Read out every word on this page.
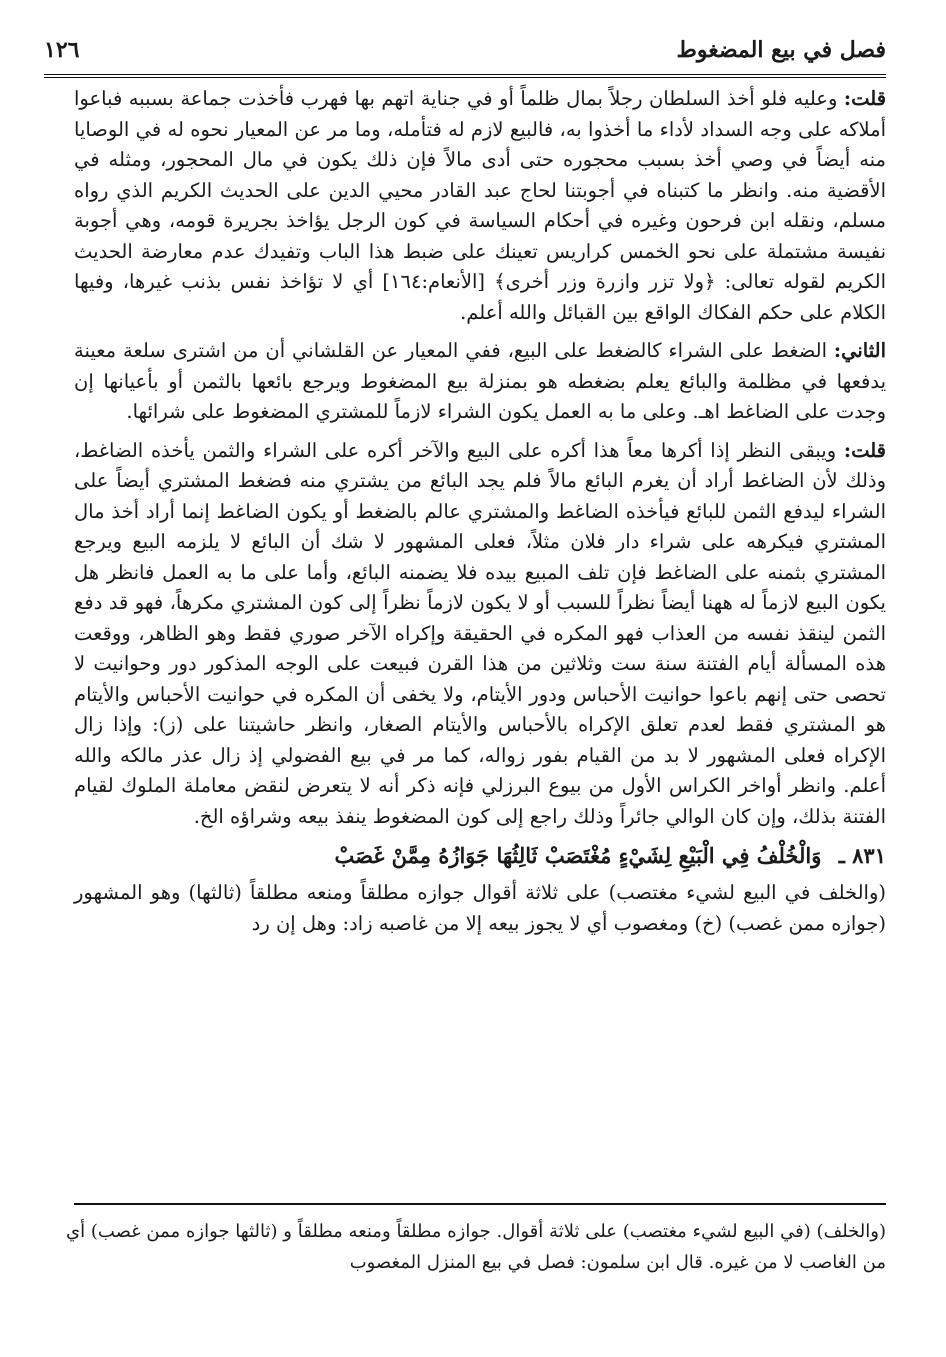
فصل في بيع المضغوط
١٢٦

قلت: وعليه فلو أخذ السلطان رجلاً بمال ظلماً أو في جناية اتهم بها فهرب فأخذت جماعة بسببه فباعوا أملاكه على وجه السداد لأداء ما أخذوا به، فالبيع لازم له فتأمله، وما مر عن المعيار نحوه له في الوصايا منه أيضاً في وصي أخذ بسبب محجوره حتى أدى مالاً فإن ذلك يكون في مال المحجور، ومثله في الأقضية منه. وانظر ما كتبناه في أجوبتنا لحاج عبد القادر محيي الدين على الحديث الكريم الذي رواه مسلم، ونقله ابن فرحون وغيره في أحكام السياسة في كون الرجل يؤاخذ بجريرة قومه، وهي أجوبة نفيسة مشتملة على نحو الخمس كراريس تعينك على ضبط هذا الباب وتفيدك عدم معارضة الحديث الكريم لقوله تعالى: ﴿ولا تزر وازرة وزر أخرى﴾ [الأنعام:١٦٤] أي لا تؤاخذ نفس بذنب غيرها، وفيها الكلام على حكم الفكاك الواقع بين القبائل والله أعلم.

الثاني: الضغط على الشراء كالضغط على البيع، ففي المعيار عن القلشاني أن من اشترى سلعة معينة يدفعها في مظلمة والبائع يعلم بضغطه هو بمنزلة بيع المضغوط ويرجع بائعها بالثمن أو بأعيانها إن وجدت على الضاغط اهـ. وعلى ما به العمل يكون الشراء لازماً للمشتري المضغوط على شرائها.

قلت: ويبقى النظر إذا أكرها معاً هذا أكره على البيع والآخر أكره على الشراء والثمن يأخذه الضاغط، وذلك لأن الضاغط أراد أن يغرم البائع مالاً فلم يجد البائع من يشتري منه فضغط المشتري أيضاً على الشراء ليدفع الثمن للبائع فيأخذه الضاغط والمشتري عالم بالضغط أو يكون الضاغط إنما أراد أخذ مال المشتري فيكرهه على شراء دار فلان مثلاً، فعلى المشهور لا شك أن البائع لا يلزمه البيع ويرجع المشتري بثمنه على الضاغط فإن تلف المبيع بيده فلا يضمنه البائع، وأما على ما به العمل فانظر هل يكون البيع لازماً له ههنا أيضاً نظراً للسبب أو لا يكون لازماً نظراً إلى كون المشتري مكرهاً، فهو قد دفع الثمن لينقذ نفسه من العذاب فهو المكره في الحقيقة وإكراه الآخر صوري فقط وهو الظاهر، ووقعت هذه المسألة أيام الفتنة سنة ست وثلاثين من هذا القرن فبيعت على الوجه المذكور دور وحوانيت لا تحصى حتى إنهم باعوا حوانيت الأحباس ودور الأيتام، ولا يخفى أن المكره في حوانيت الأحباس والأيتام هو المشتري فقط لعدم تعلق الإكراه بالأحباس والأيتام الصغار، وانظر حاشيتنا على (ز): وإذا زال الإكراه فعلى المشهور لا بد من القيام بفور زواله، كما مر في بيع الفضولي إذ زال عذر مالكه والله أعلم. وانظر أواخر الكراس الأول من بيوع البرزلي فإنه ذكر أنه لا يتعرض لنقض معاملة الملوك لقيام الفتنة بذلك، وإن كان الوالي جائراً وذلك راجع إلى كون المضغوط ينفذ بيعه وشراؤه الخ.

٨٣١ ـ وَالْخُلْفُ فِي الْبَيْعِ لِشَيْءٍ مُغْتَصَبْ ثَالِثُهَا جَوَازُهُ مِمَّنْ غَصَبْ

(والخلف في البيع لشيء مغتصب) على ثلاثة أقوال جوازه مطلقاً ومنعه مطلقاً (ثالثها) وهو المشهور (جوازه ممن غصب) (خ) ومغصوب أي لا يجوز بيعه إلا من غاصبه زاد: وهل إن رد

(والخلف) (في البيع لشيء مغتصب) على ثلاثة أقوال. جوازه مطلقاً ومنعه مطلقاً و (ثالثها جوازه ممن غصب) أي من الغاصب لا من غيره. قال ابن سلمون: فصل في بيع المنزل المغصوب
